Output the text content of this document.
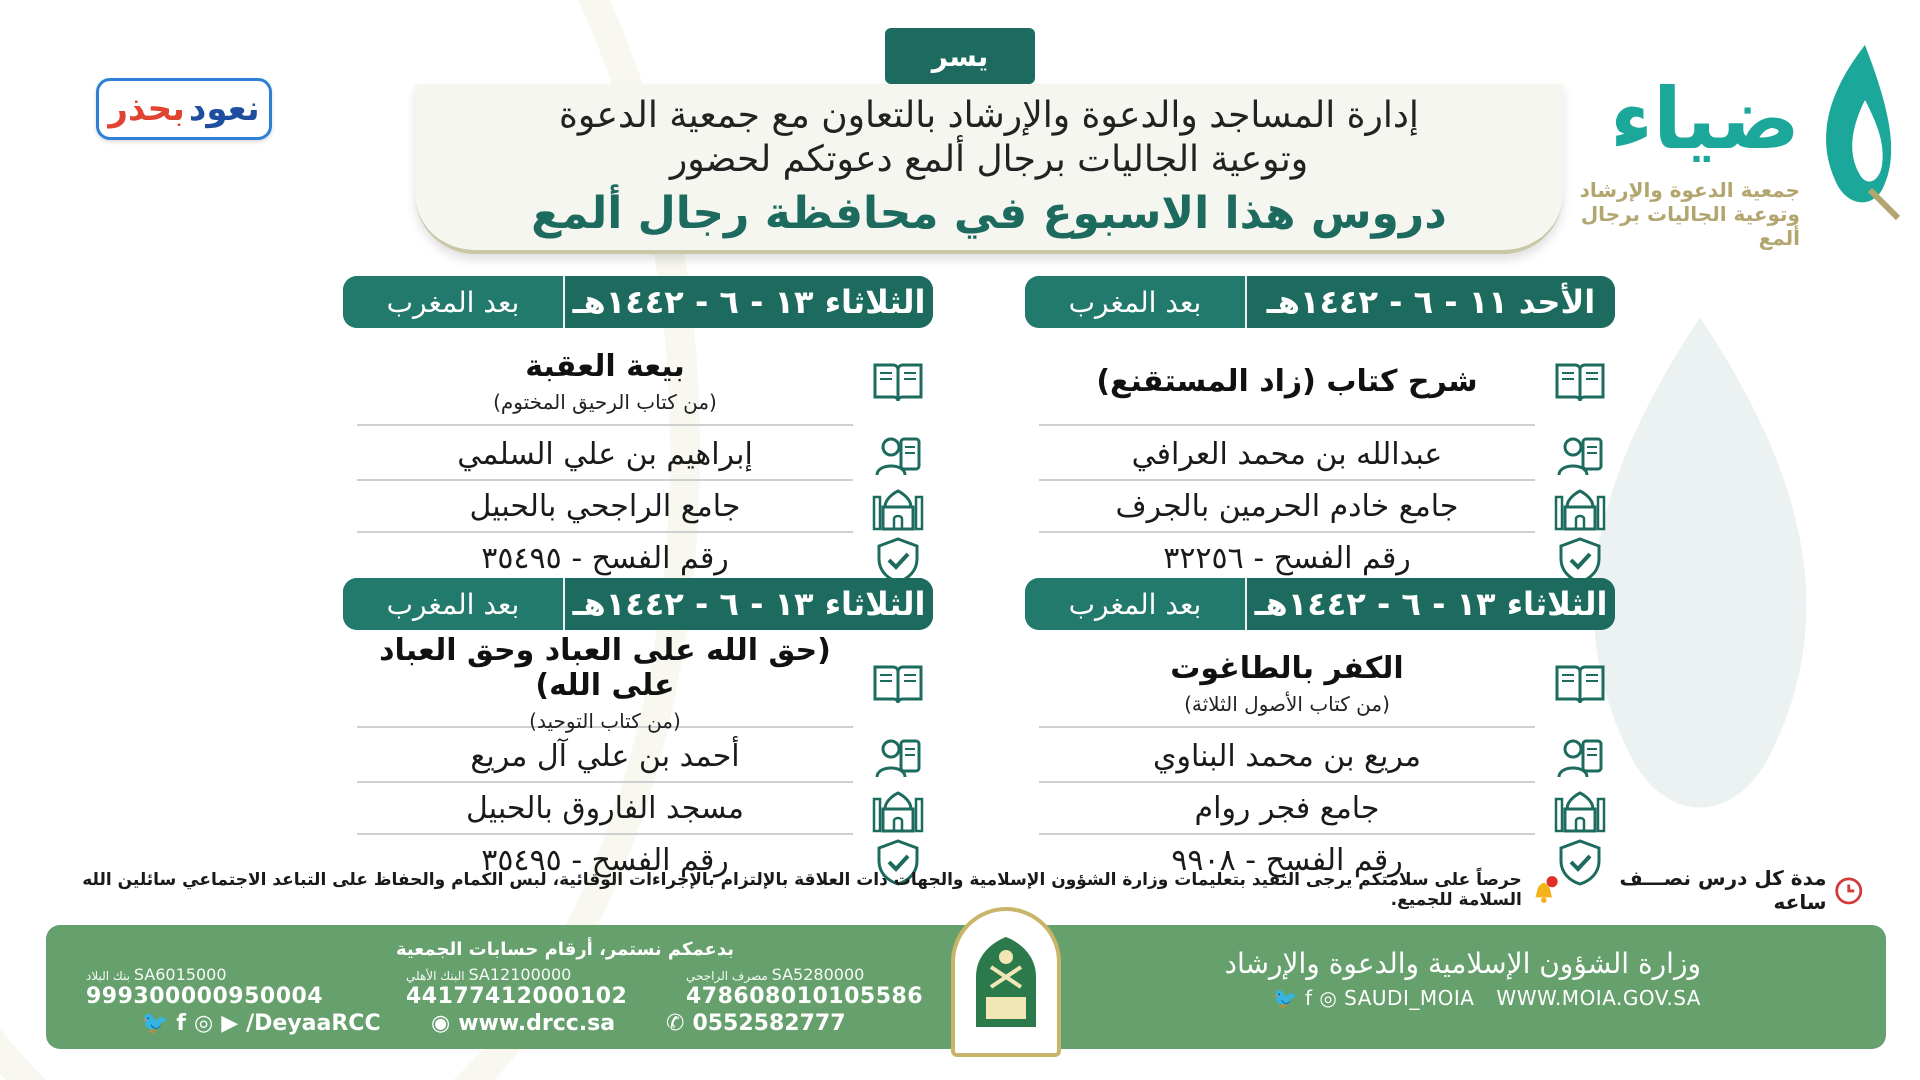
يسر
إدارة المساجد والدعوة والإرشاد بالتعاون مع جمعية الدعوة
وتوعية الجاليات برجال ألمع دعوتكم لحضور
دروس هذا الاسبوع في محافظة رجال ألمع
ضياء
جمعية الدعوة والإرشاد
وتوعية الجاليات برجال ألمع
نعود
بحذر
الأحد ١١ - ٦ - ١٤٤٢هـ
بعد المغرب
شرح كتاب (زاد المستقنع)
عبدالله بن محمد العرافي
جامع خادم الحرمين بالجرف
رقم الفسح - ٣٢٢٥٦
الثلاثاء ١٣ - ٦ - ١٤٤٢هـ
بعد المغرب
بيعة العقبة
(من كتاب الرحيق المختوم)
إبراهيم بن علي السلمي
جامع الراجحي بالحبيل
رقم الفسح - ٣٥٤٩٥
الثلاثاء ١٣ - ٦ - ١٤٤٢هـ
بعد المغرب
الكفر بالطاغوت
(من كتاب الأصول الثلاثة)
مريع بن محمد البناوي
جامع فجر روام
رقم الفسح - ٩٩٠٨
الثلاثاء ١٣ - ٦ - ١٤٤٢هـ
بعد المغرب
(حق الله على العباد وحق العباد على الله)
(من كتاب التوحيد)
أحمد بن علي آل مريع
مسجد الفاروق بالحبيل
رقم الفسح - ٣٥٤٩٥	مدة كل درس نصـــف ساعه
حرصاً على سلامتكم يرجى التقيد بتعليمات وزارة الشؤون الإسلامية والجهات ذات العلاقة بالإلتزام بالإجراءات الوقائية، لبس الكمام والحفاظ على التباعد الاجتماعي سائلين الله السلامة للجميع.
وزارة الشؤون الإسلامية والدعوة والإرشاد
🐦 f ◎ SAUDI_MOIA WWW.MOIA.GOV.SA
بدعمكم نستمر، أرقام حسابات الجمعية
مصرف الراجحي SA5280000
478608010105586
البنك الأهلي SA12100000
44177412000102
بنك البلاد SA6015000
999300000950004
✆ 0552582777
◉ www.drcc.sa
🐦 f ◎ ▶ /DeyaaRCC
